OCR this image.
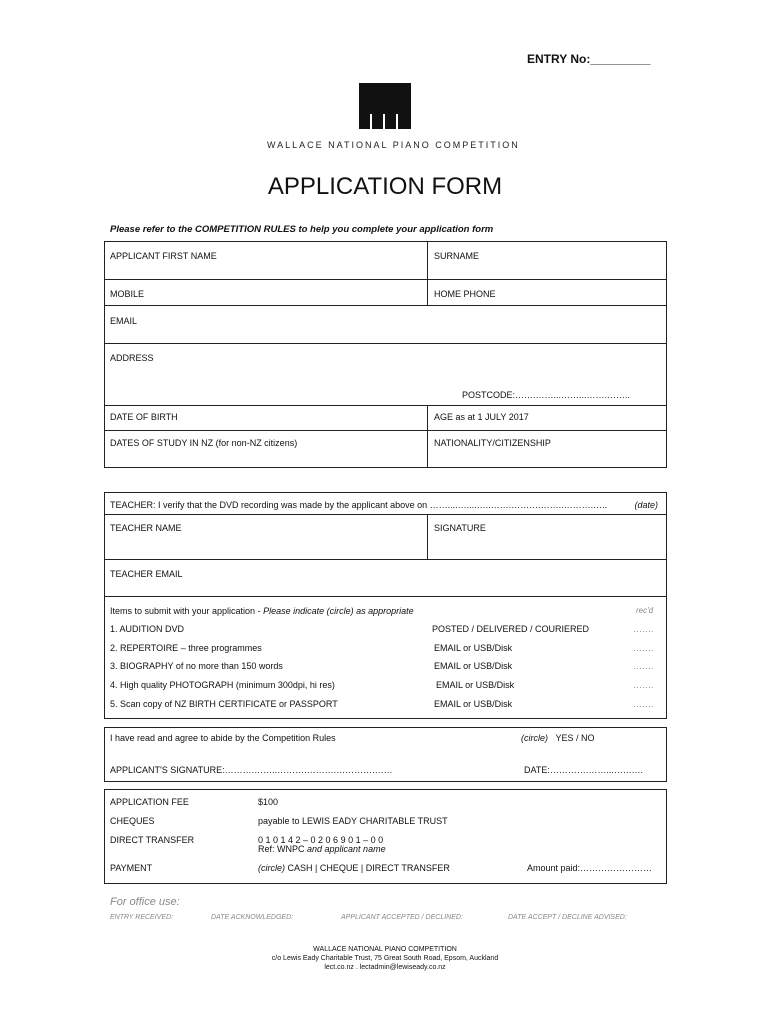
ENTRY No:_________
WALLACE NATIONAL PIANO COMPETITION
APPLICATION FORM
Please refer to the COMPETITION RULES to help you complete your application form
APPLICANT FIRST NAME	SURNAME
MOBILE	HOME PHONE
EMAIL
ADDRESS
POSTCODE:…….……...……...…….……..
DATE OF BIRTH	AGE as at 1 JULY 2017
DATES OF STUDY IN NZ (for non-NZ citizens)	NATIONALITY/CITIZENSHIP
TEACHER: I verify that the DVD recording was made by the applicant above on ……....…....…..…….……….……..……….…..	(date)
TEACHER NAME	SIGNATURE
TEACHER EMAIL
Items to submit with your application - Please indicate (circle) as appropriate	rec'd
1. AUDITION DVD	POSTED / DELIVERED / COURIERED	…….
2. REPERTOIRE – three programmes	EMAIL or USB/Disk	…….
3. BIOGRAPHY of no more than 150 words	EMAIL or USB/Disk	…….
4. High quality PHOTOGRAPH (minimum 300dpi, hi res)	EMAIL or USB/Disk	…….
5. Scan copy of NZ BIRTH CERTIFICATE or PASSPORT	EMAIL or USB/Disk	…….
I have read and agree to abide by the Competition Rules	(circle) YES / NO
APPLICANT'S SIGNATURE:……….……..……….……….………….……	DATE:………….……...…….…
APPLICATION FEE	$100
CHEQUES	payable to LEWIS EADY CHARITABLE TRUST
DIRECT TRANSFER	0 1 0 1 4 2 – 0 2 0 6 9 0 1 – 0 0
Ref: WNPC and applicant name
PAYMENT	(circle) CASH | CHEQUE | DIRECT TRANSFER	Amount paid:……………………
For office use:
ENTRY RECEIVED:	DATE ACKNOWLEDGED:	APPLICANT ACCEPTED / DECLINED:	DATE ACCEPT / DECLINE ADVISED:
WALLACE NATIONAL PIANO COMPETITION
c/o Lewis Eady Charitable Trust, 75 Great South Road, Epsom, Auckland
lect.co.nz . lectadmin@lewiseady.co.nz
